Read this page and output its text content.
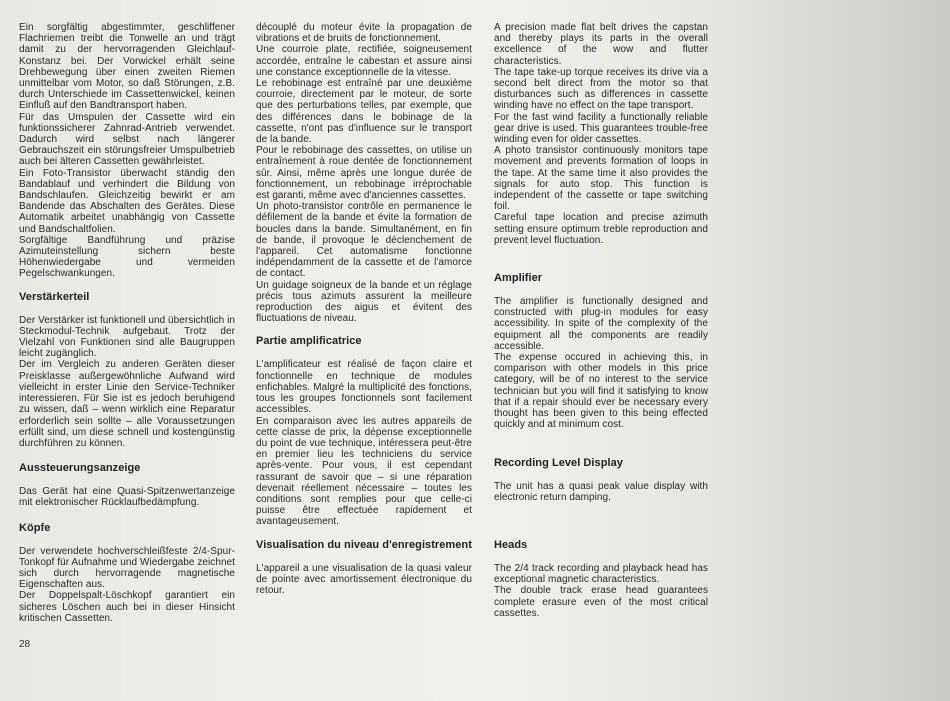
Ein sorgfältig abgestimmter, geschliffener Flachriemen treibt die Tonwelle an und trägt damit zu der hervorragenden Gleichlauf-Konstanz bei. Der Vorwickel erhält seine Drehbewegung über einen zweiten Riemen unmittelbar vom Motor, so daß Störungen, z.B. durch Unterschiede im Cassettenwickel, keinen Einfluß auf den Bandtransport haben.

Für das Umspulen der Cassette wird ein funktionssicherer Zahnrad-Antrieb verwendet. Dadurch wird selbst nach längerer Gebrauchszeit ein störungsfreier Umspulbetrieb auch bei älteren Cassetten gewährleistet.

Ein Foto-Transistor überwacht ständig den Bandablauf und verhindert die Bildung von Bandschlaufen. Gleichzeitig bewirkt er am Bandende das Abschalten des Gerätes. Diese Automatik arbeitet unabhängig von Cassette und Bandschaltfolien.

Sorgfältige Bandführung und präzise Azimuteinstellung sichern beste Höhenwiedergabe und vermeiden Pegelschwankungen.

Verstärkerteil

Der Verstärker ist funktionell und übersichtlich in Steckmodul-Technik aufgebaut. Trotz der Vielzahl von Funktionen sind alle Baugruppen leicht zugänglich.

Der im Vergleich zu anderen Geräten dieser Preisklasse außergewöhnliche Aufwand wird vielleicht in erster Linie den Service-Techniker interessieren. Für Sie ist es jedoch beruhigend zu wissen, daß – wenn wirklich eine Reparatur erforderlich sein sollte – alle Voraussetzungen erfüllt sind, um diese schnell und kostengünstig durchführen zu können.

Aussteuerungsanzeige

Das Gerät hat eine Quasi-Spitzenwertanzeige mit elektronischer Rücklaufbedämpfung.

Köpfe

Der verwendete hochverschleißfeste 2/4-Spur-Tonkopf für Aufnahme und Wiedergabe zeichnet sich durch hervorragende magnetische Eigenschaften aus.

Der Doppelspalt-Löschkopf garantiert ein sicheres Löschen auch bei in dieser Hinsicht kritischen Cassetten.

découplé du moteur évite la propagation de vibrations et de bruits de fonctionnement.

Une courroie plate, rectifiée, soigneusement accordée, entraîne le cabestan et assure ainsi une constance exceptionnelle de la vitesse.

Le rebobinage est entraîné par une deuxième courroie, directement par le moteur, de sorte que des perturbations telles, par exemple, que des différences dans le bobinage de la cassette, n'ont pas d'influence sur le transport de la bande.

Pour le rebobinage des cassettes, on utilise un entraînement à roue dentée de fonctionnement sûr. Ainsi, même après une longue durée de fonctionnement, un rebobinage irréprochable est garanti, même avec d'anciennes cassettes.

Un photo-transistor contrôle en permanence le défilement de la bande et évite la formation de boucles dans la bande. Simultanément, en fin de bande, il provoque le déclenchement de l'appareil. Cet automatisme fonctionne indépendamment de la cassette et de l'amorce de contact.

Un guidage soigneux de la bande et un réglage précis tous azimuts assurent la meilleure reproduction des aigus et évitent des fluctuations de niveau.

Partie amplificatrice

L'amplificateur est réalisé de façon claire et fonctionnelle en technique de modules enfichables. Malgré la multiplicité des fonctions, tous les groupes fonctionnels sont facilement accessibles.

En comparaison avec les autres appareils de cette classe de prix, la dépense exceptionnelle du point de vue technique, intéressera peut-être en premier lieu les techniciens du service après-vente. Pour vous, il est cependant rassurant de savoir que – si une réparation devenait réellement nécessaire – toutes les conditions sont remplies pour que celle-ci puisse être effectuée rapidement et avantageusement.

Visualisation du niveau d'enregistrement

L'appareil a une visualisation de la quasi valeur de pointe avec amortissement électronique du retour.

A precision made flat belt drives the capstan and thereby plays its parts in the overall excellence of the wow and flutter characteristics.

The tape take-up torque receives its drive via a second belt direct from the motor so that disturbances such as differences in cassette winding have no effect on the tape transport.

For the fast wind facility a functionally reliable gear drive is used. This guarantees trouble-free winding even for older cassettes.

A photo transistor continuously monitors tape movement and prevents formation of loops in the tape. At the same time it also provides the signals for auto stop. This function is independent of the cassette or tape switching foil.

Careful tape location and precise azimuth setting ensure optimum treble reproduction and prevent level fluctuation.

Amplifier

The amplifier is functionally designed and constructed with plug-in modules for easy accessibility. In spite of the complexity of the equipment all the components are readily accessible.

The expense occured in achieving this, in comparison with other models in this price category, will be of no interest to the service technician but you will find it satisfying to know that if a repair should ever be necessary every thought has been given to this being effected quickly and at minimum cost.

Recording Level Display

The unit has a quasi peak value display with electronic return damping.

Heads

The 2/4 track recording and playback head has exceptional magnetic characteristics.

The double track erase head guarantees complete erasure even of the most critical cassettes.

28
